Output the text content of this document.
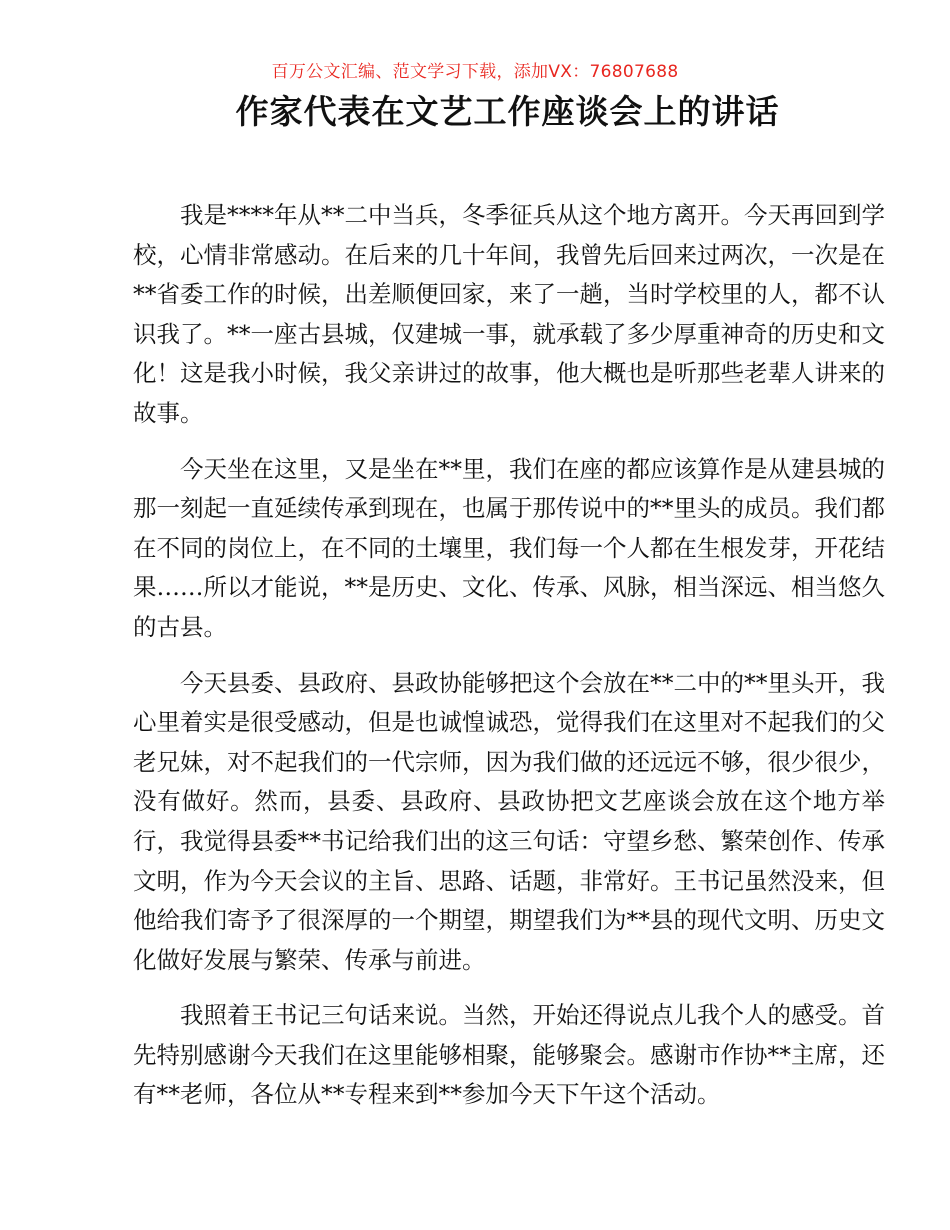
百万公文汇编、范文学习下载，添加VX：76807688
作家代表在文艺工作座谈会上的讲话

我是****年从**二中当兵，冬季征兵从这个地方离开。今天再回到学校，心情非常感动。在后来的几十年间，我曾先后回来过两次，一次是在**省委工作的时候，出差顺便回家，来了一趟，当时学校里的人，都不认识我了。**一座古县城，仅建城一事，就承载了多少厚重神奇的历史和文化！这是我小时候，我父亲讲过的故事，他大概也是听那些老辈人讲来的故事。

今天坐在这里，又是坐在**里，我们在座的都应该算作是从建县城的那一刻起一直延续传承到现在，也属于那传说中的**里头的成员。我们都在不同的岗位上，在不同的土壤里，我们每一个人都在生根发芽，开花结果……所以才能说，**是历史、文化、传承、风脉，相当深远、相当悠久的古县。

今天县委、县政府、县政协能够把这个会放在**二中的**里头开，我心里着实是很受感动，但是也诚惶诚恐，觉得我们在这里对不起我们的父老兄妹，对不起我们的一代宗师，因为我们做的还远远不够，很少很少，没有做好。然而，县委、县政府、县政协把文艺座谈会放在这个地方举行，我觉得县委**书记给我们出的这三句话：守望乡愁、繁荣创作、传承文明，作为今天会议的主旨、思路、话题，非常好。王书记虽然没来，但他给我们寄予了很深厚的一个期望，期望我们为**县的现代文明、历史文化做好发展与繁荣、传承与前进。

我照着王书记三句话来说。当然，开始还得说点儿我个人的感受。首先特别感谢今天我们在这里能够相聚，能够聚会。感谢市作协**主席，还有**老师，各位从**专程来到**参加今天下午这个活动。
